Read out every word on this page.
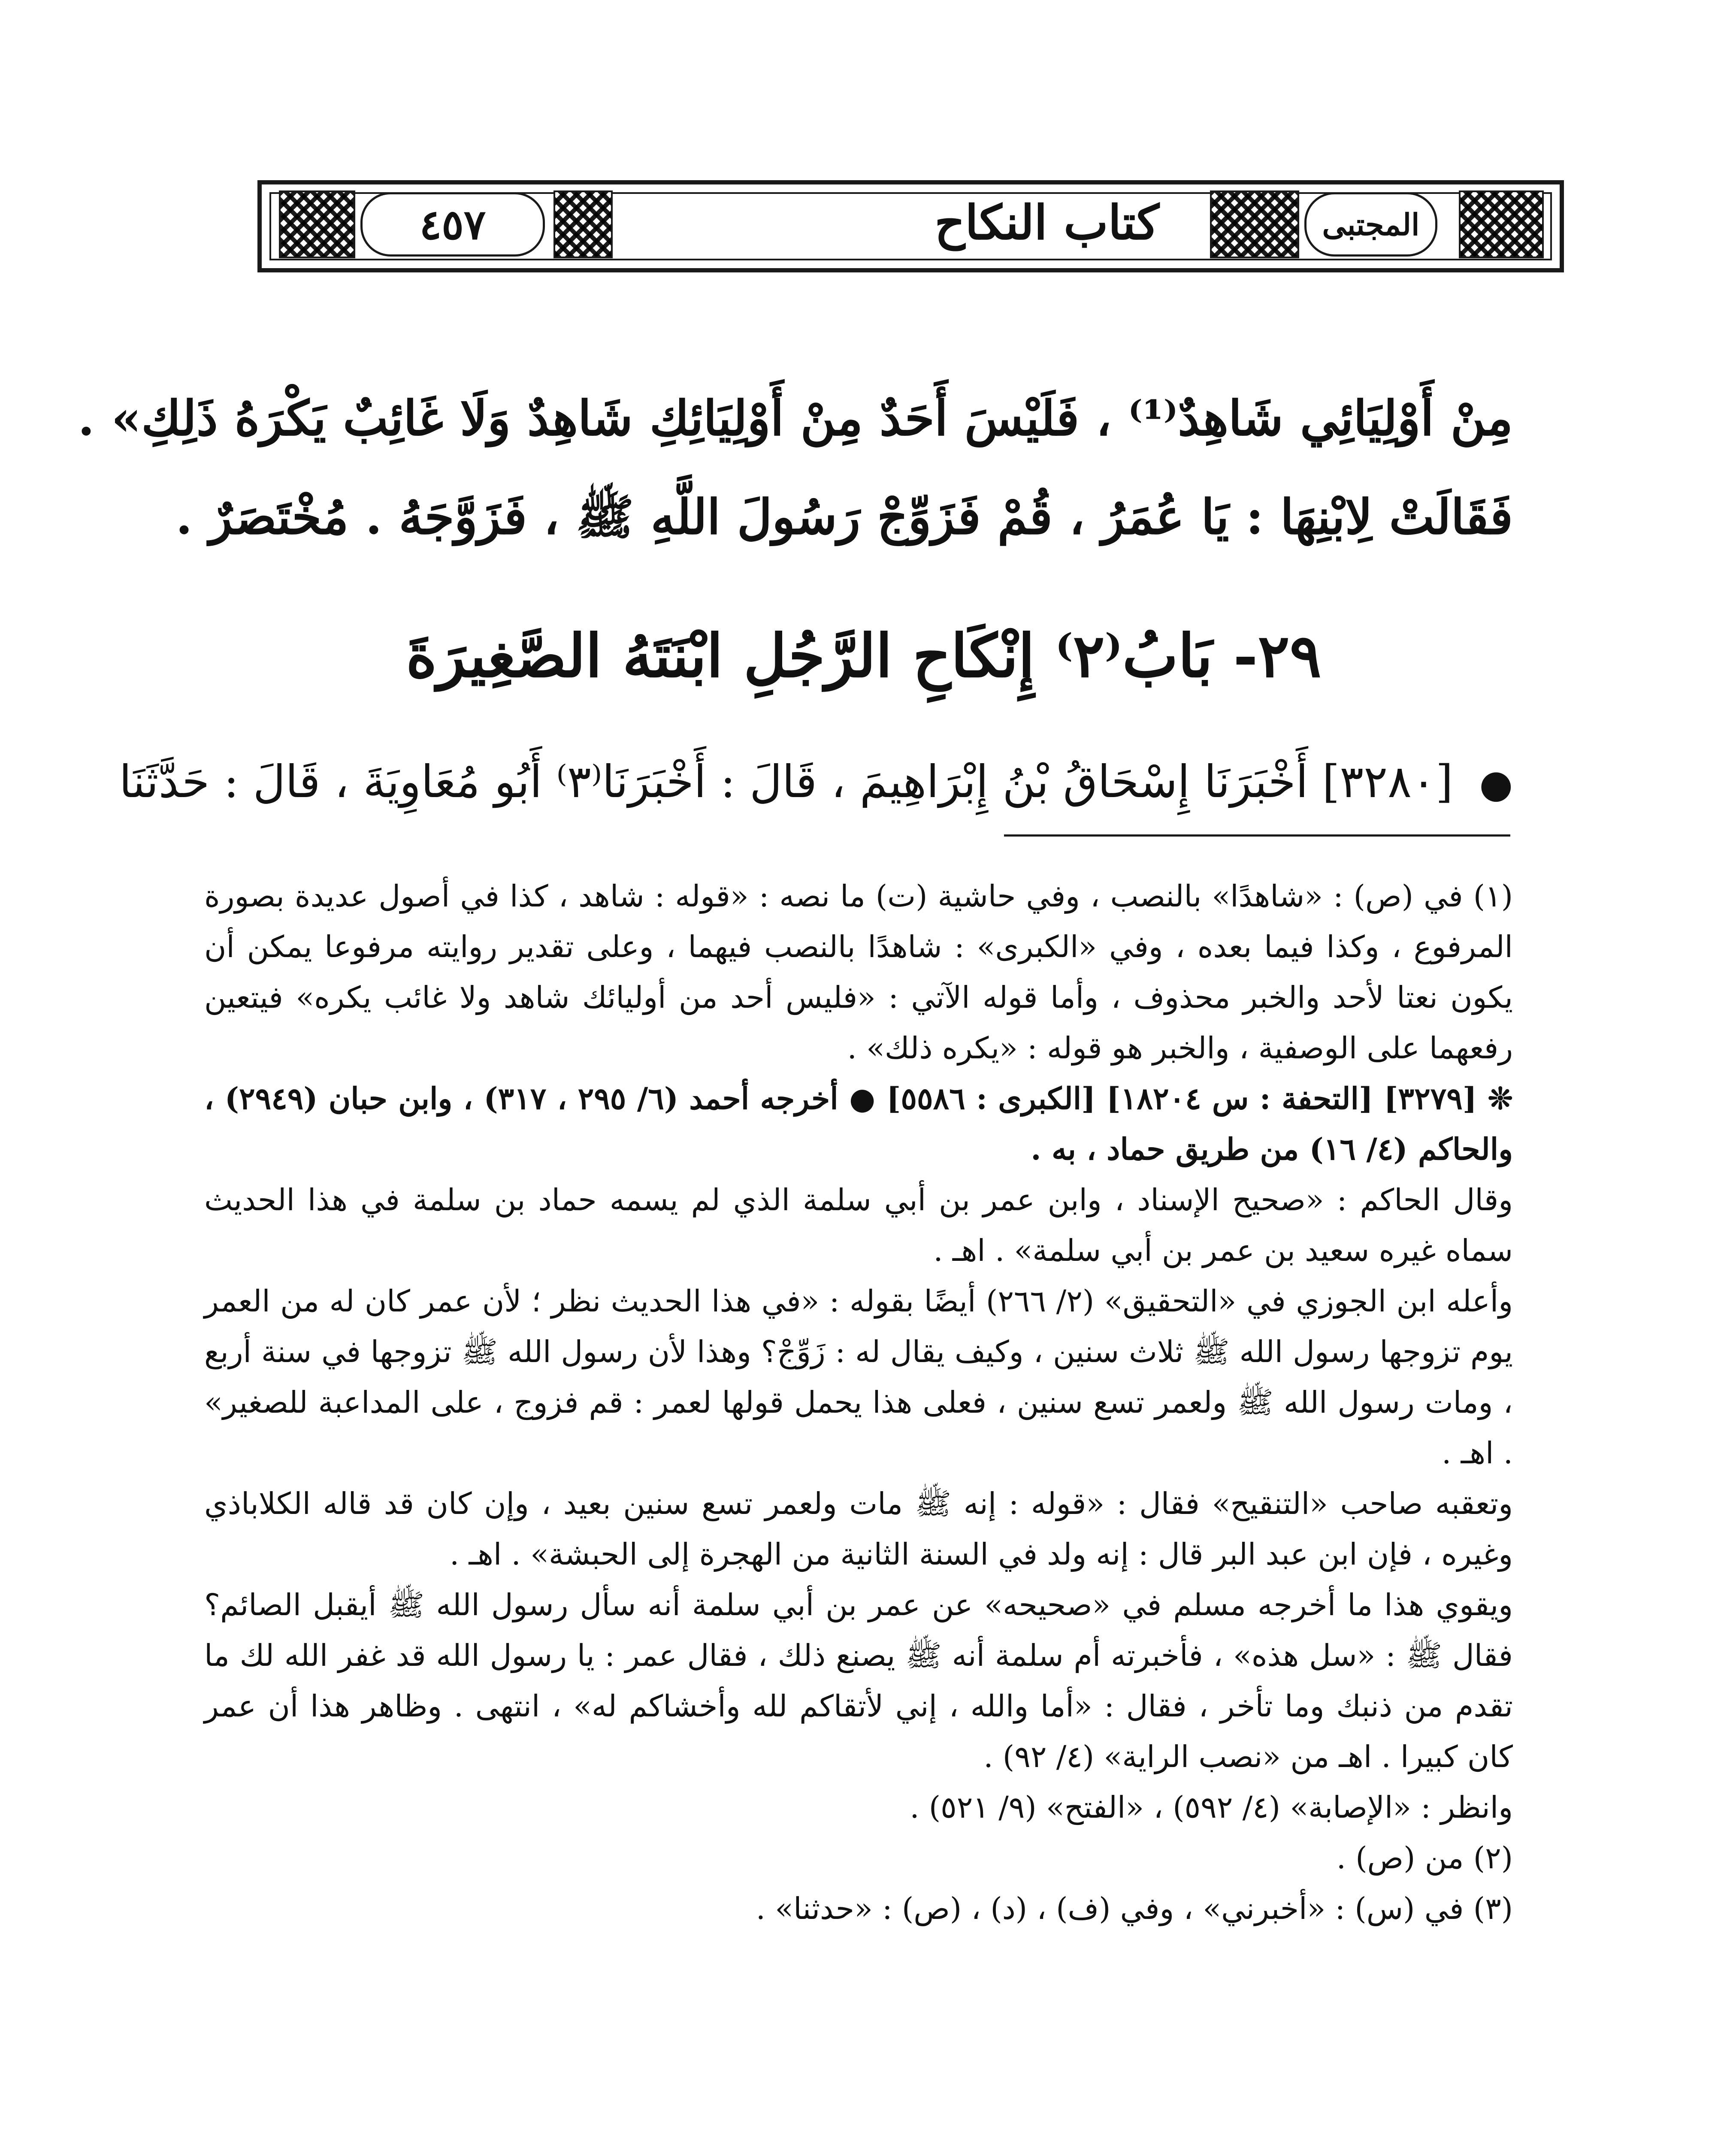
٤٥٧	كتاب النكاح	المجتبى
مِنْ أَوْلِيَائِي شَاهِدٌ⁽¹⁾ ، فَلَيْسَ أَحَدٌ مِنْ أَوْلِيَائِكِ شَاهِدٌ وَلَا غَائِبٌ يَكْرَهُ ذَلِكِ» .
فَقَالَتْ لِابْنِهَا : يَا عُمَرُ ، قُمْ فَزَوِّجْ رَسُولَ اللَّهِ ﷺ ، فَزَوَّجَهُ . مُخْتَصَرٌ .
٢٩- بَابُ⁽٢⁾ إِنْكَاحِ الرَّجُلِ ابْنَتَهُ الصَّغِيرَةَ
● [٣٢٨٠] أَخْبَرَنَا إِسْحَاقُ بْنُ إِبْرَاهِيمَ ، قَالَ : أَخْبَرَنَا⁽٣⁾ أَبُو مُعَاوِيَةَ ، قَالَ : حَدَّثَنَا

(١) في (ص) : «شاهدًا» بالنصب ، وفي حاشية (ت) ما نصه : «قوله : شاهد ، كذا في أصول عديدة بصورة المرفوع ، وكذا فيما بعده ، وفي «الكبرى» : شاهدًا بالنصب فيهما ، وعلى تقدير روايته مرفوعا يمكن أن يكون نعتا لأحد والخبر محذوف ، وأما قوله الآتي : «فليس أحد من أوليائك شاهد ولا غائب يكره» فيتعين رفعهما على الوصفية ، والخبر هو قوله : «يكره ذلك» .

❊ [٣٢٧٩] [التحفة : س ١٨٢٠٤] [الكبرى : ٥٥٨٦] ● أخرجه أحمد (٦/ ٢٩٥ ، ٣١٧) ، وابن حبان (٢٩٤٩) ، والحاكم (٤/ ١٦) من طريق حماد ، به .

وقال الحاكم : «صحيح الإسناد ، وابن عمر بن أبي سلمة الذي لم يسمه حماد بن سلمة في هذا الحديث سماه غيره سعيد بن عمر بن أبي سلمة» . اهـ .

وأعله ابن الجوزي في «التحقيق» (٢/ ٢٦٦) أيضًا بقوله : «في هذا الحديث نظر ؛ لأن عمر كان له من العمر يوم تزوجها رسول الله ﷺ ثلاث سنين ، وكيف يقال له : زَوِّجْ؟ وهذا لأن رسول الله ﷺ تزوجها في سنة أربع ، ومات رسول الله ﷺ ولعمر تسع سنين ، فعلى هذا يحمل قولها لعمر : قم فزوج ، على المداعبة للصغير» . اهـ .

وتعقبه صاحب «التنقيح» فقال : «قوله : إنه ﷺ مات ولعمر تسع سنين بعيد ، وإن كان قد قاله الكلاباذي وغيره ، فإن ابن عبد البر قال : إنه ولد في السنة الثانية من الهجرة إلى الحبشة» . اهـ .

ويقوي هذا ما أخرجه مسلم في «صحيحه» عن عمر بن أبي سلمة أنه سأل رسول الله ﷺ أيقبل الصائم؟ فقال ﷺ : «سل هذه» ، فأخبرته أم سلمة أنه ﷺ يصنع ذلك ، فقال عمر : يا رسول الله قد غفر الله لك ما تقدم من ذنبك وما تأخر ، فقال : «أما والله ، إني لأتقاكم لله وأخشاكم له» ، انتهى . وظاهر هذا أن عمر كان كبيرا . اهـ من «نصب الراية» (٤/ ٩٢) .

وانظر : «الإصابة» (٤/ ٥٩٢) ، «الفتح» (٩/ ٥٢١) .

(٢) من (ص) .

(٣) في (س) : «أخبرني» ، وفي (ف) ، (د) ، (ص) : «حدثنا» .
